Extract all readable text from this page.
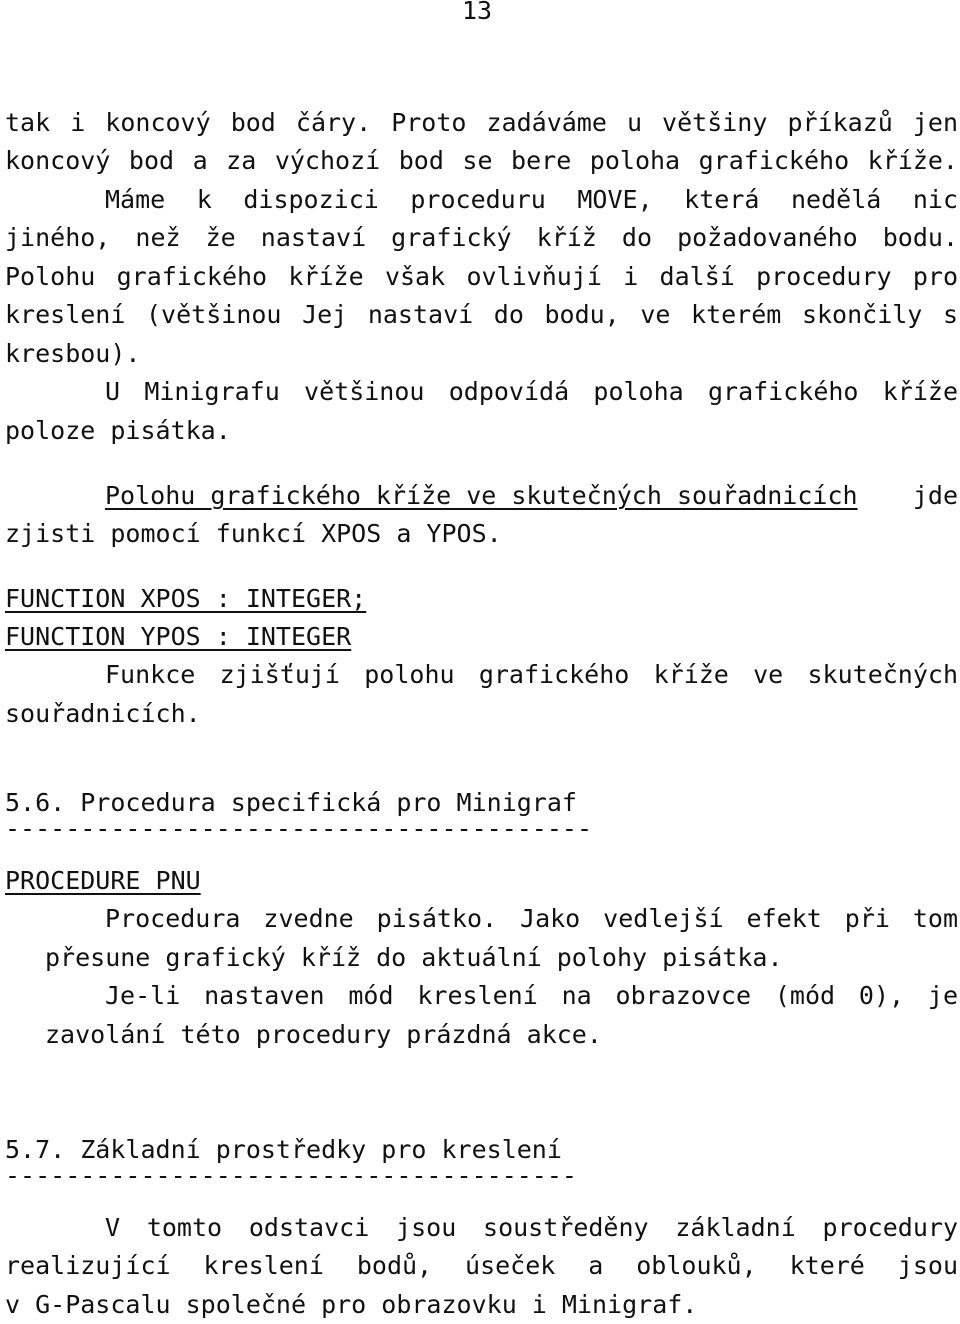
13
tak i koncový bod čáry. Proto zadáváme u většiny příkazů jen
koncový bod a za výchozí bod se bere poloha grafického kříže.
Máme k dispozici proceduru MOVE, která nedělá nic
jiného, než že nastaví grafický kříž do požadovaného bodu.
Polohu grafického kříže však ovlivňují i další procedury pro
kreslení (většinou Jej nastaví do bodu, ve kterém skončily s
kresbou).
U Minigrafu většinou odpovídá poloha grafického kříže
poloze pisátka.
Polohu grafického kříže ve skutečných souřadnicích jde
zjisti pomocí funkcí XPOS a YPOS.
FUNCTION XPOS : INTEGER;
FUNCTION YPOS : INTEGER
Funkce zjišťují polohu grafického kříže ve skutečných
souřadnicích.
5.6. Procedura specifická pro Minigraf
---------------------------------------
PROCEDURE PNU
Procedura zvedne pisátko. Jako vedlejší efekt při tom
přesune grafický kříž do aktuální polohy pisátka.
Je-li nastaven mód kreslení na obrazovce (mód 0), je
zavolání této procedury prázdná akce.
5.7. Základní prostředky pro kreslení
--------------------------------------
V tomto odstavci jsou soustředěny základní procedury
realizující kreslení bodů, úseček a oblouků, které jsou
v G-Pascalu společné pro obrazovku i Minigraf.
